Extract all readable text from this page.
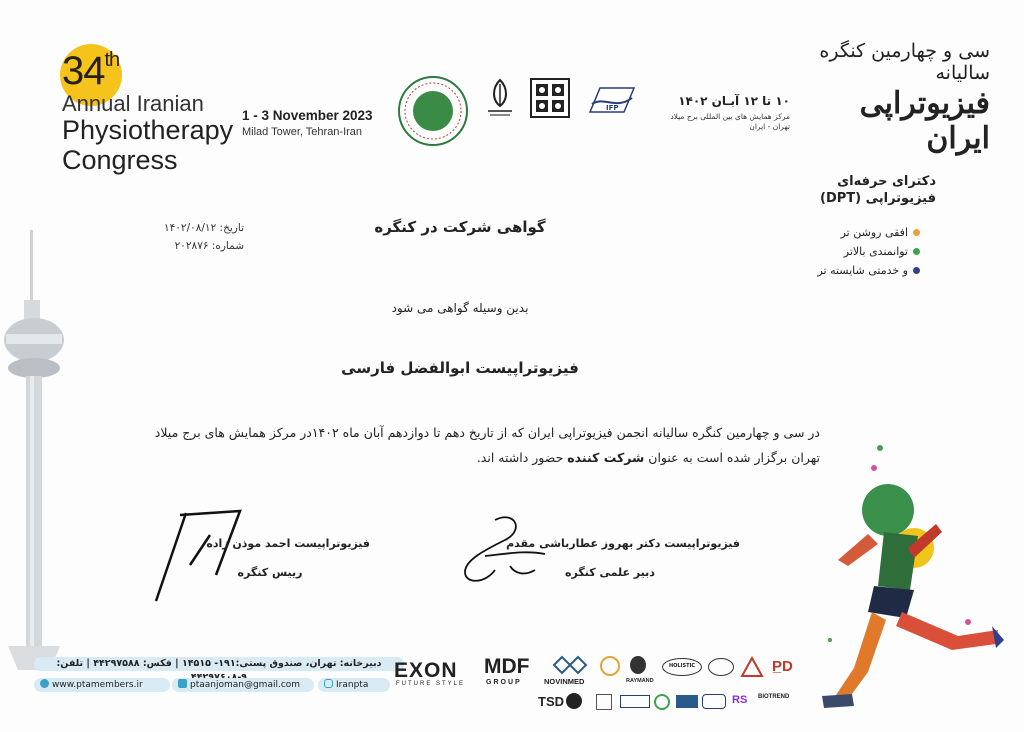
34th
Annual Iranian
Physiotherapy
Congress
1 - 3 November 2023
Milad Tower, Tehran-Iran
IFP
سی و چهارمین کنگره سالیانه
فیزیوتراپی ایران
۱۰ تا ۱۲ آبـان ۱۴۰۲
مرکز همایش های بین المللی برج میلاد
تهران - ایران
دکترای حرفه‌ای
فیزیوتراپی (DPT)
افقی روشن تر
توانمندی بالاتر
و خدمتی شایسته تر
تاریخ: ۱۴۰۲/۰۸/۱۲
شماره: ۲۰۲۸۷۶
گواهی شرکت در کنگره
بدین وسیله گواهی می شود
فیزیوتراپیست ابوالفضل فارسی
در سی و چهارمین کنگره سالیانه انجمن فیزیوتراپی ایران که از تاریخ دهم تا دوازدهم آبان ماه ۱۴۰۲در مرکز همایش های برج میلاد
تهران برگزار شده است به عنوان شرکت کننده حضور داشته اند.
فیزیوتراپیست احمد موذن زاده
رییس کنگره
فیزیوتراپیست دکتر بهروز عطارباشی مقدم
دبیر علمی کنگره
دبیرخانه: تهران، صندوق پستی:۱۹۱- ۱۴۵۱۵ | فکس: ۴۴۲۹۷۵۸۸ | تلفن:
www.ptamembers.ir	ptaanjoman@gmail.com	Iranpta
EXON
FUTURE STYLE
MDF
GROUP	NOVINMED	RAYMAND
HOLISTIC	P̲D
TSD	RS BIOTREND
